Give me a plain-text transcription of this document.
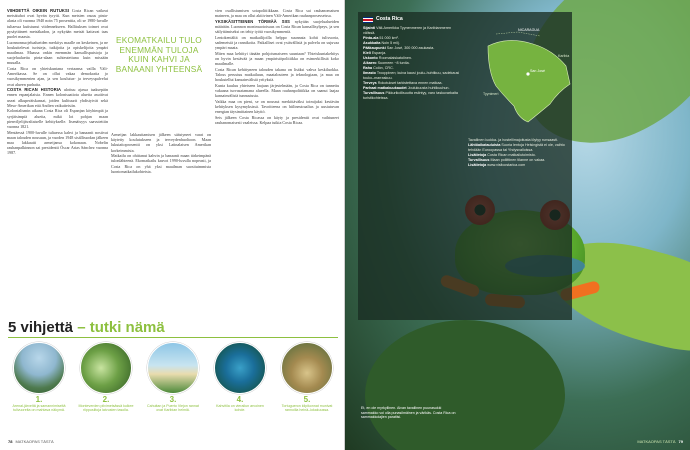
VIIHDETTÄ OIKEIN RUTUKSI Costa Rican vaikeat metsätuhot ovat hyvän tyrytti. Kun metsien osuus pinta-alasta oli vuonna 1940 noin 75 prosenttia, oli se 1980-luvulle tultaessa kutistunut viidennekseen. Hallituksen toimet ovat pysäyttäneet metsäkadon, ja nykyään metsät kattavat taas puolet maasta.

Luonnonsuojelualueiden merkitys maalle on keskeinen, ja ne houkuttelevat turisteja, tutkijoita ja opiskelijoita ympäri maailmaa. Maassa onkin enemmän kansallispuistoja ja suojelualueita pinta-alaan suhteutettuna kuin missään muualla.

Costa Rica on yhteiskuntana vertaansa vailla Väli-Amerikassa. Se on ollut vakaa demokratia jo vuosikymmenten ajan, ja sen koulutus- ja terveyspalvelut ovat alueen parhaita.

COSTA RICAN HISTORIA ulottuu ajassa taaksepäin ennen espanjalaisia. Ennen kolonisaatiota aluetta asuttivat useat alkuperäiskansat, joiden kulttuurit yhdistyivät sekä Meso-Amerikan että Andien vaikutteisiin.

Kolonialismin aikana Costa Rica oli Espanjan köyhimpiä ja syrjäisimpiä alueita, mikä loi pohjan maan pienviljelijävaltaiselle kehitykselle. Itsenäisyys saavutettiin vuonna 1821.

Mentäessä 1900-luvulle tultaessa kahvi ja banaanit nostivat maan talouden nousuun, ja vuoden 1948 sisällissodan jälkeen maa lakkautti armeijansa kokonaan. Nobelin rauhanpalkinnon sai presidentti Óscar Arias Sánchez vuonna 1987.

EKOMATKAILU TULO ENEMMÄN TULOJA KUIN KAHVI JA BANAANI YHTEENSÄ

Armeijan lakkauttamisen jälkeen säästyneet varat on käytetty koulutukseen ja terveydenhuoltoon. Maan lukutaitoprosentti on yksi Latinalaisen Amerikan korkeimmista.

Matkailu on ohittanut kahvin ja banaanit maan tärkeimpänä tulonlähteenä. Ekomatkailu kasvoi 1990-luvulla nopeasti, ja Costa Rica on yhä yksi maailman suosituimmista luontomatkailukohteista.

vien osallistumisen sotapolitiikkaan. Costa Rica sai rauhanomaisen maineen, ja maa on ollut aktiivinen Väli-Amerikan rauhanprosesseissa.

YKSIKÄSITTEINEN TÖRMÄÄ SIIS nykyään suojelualueiden määrään. Luonnon monimuotoisuus on Costa Rican kansallisylpeys, ja sen säilyttämiseksi on tehty työtä vuosikymmeniä.

Lentokentältä on matkailijoilla helppo suunnata kohti tulivuoria, sademetsiä ja rannikoita. Paikalliset ovat ystävällisiä ja palvelu on sujuvaa ympäri maata.

Miten maa kehittyi tänään pohjoismaiseen suuntaan? Yhteiskuntakehitys on hyvin kestävää ja maan ympäristöpolitiikka on esimerkillistä koko maailmalle.

Costa Rican kehittyneen talouden takana on lisäksi vahva keskiluokka. Talous perustuu matkailuun, maatalouteen ja teknologiaan, ja maa on houkutellut kansainvälisiä yrityksiä.

Kunta kuuluu yhteiseen laajaan järjestelmään, ja Costa Rica on tunnettu vakaana turvasatamana alueella. Maan rauhanpolitiikka on saanut laajaa kansainvälistä tunnustusta.

Vaikka maa on pieni, se on noussut merkittäväksi toimijaksi kestävän kehityksen kysymyksissä. Tavoitteena on hiilineutraalius ja uusiutuvan energian täysimittainen käyttö.

Seis jälkeen Costa Ricassa on käyty ja presidentit ovat vaihtuneet rauhanomaisesti vaaleissa. Kelpaa tutkia Costa Ricaa.

5 vihjettä – tutki nämä
1.
Arenal-järveltä ja samannimiseltä tulivuorelta on mahtava näkymä.
2.
Monteverden pilvimetsässä kulkee riippusiltoja latvusten tasolla.
3.
Cahuitan ja Puerto Viejon rannat ovat Karibian helmiä.
4.
Kahvitila on vierailun arvoinen kohde.
5.
Tortugueron kilpikonnat munivat rannoilla heinä–lokakuussa.
78 MATKAOPAS TÄSTÄ
Costa Rica

Sijainti Väli-Amerikka Tyynenmeren ja Karibianmeren välissä.

Pinta-ala 51 000 km².

Asukkaita Noin 5 milj.

Pääkaupunki San José, 300 000 asukasta.

Kieli Espanja.

Uskonto Roomalaiskatolinen.

Aikaero Suomeen −8 tuntia.

Raha Colón, CRC.

Ilmasto Trooppinen; kuiva kausi joulu–huhtikuu, sadekausi touko–marraskuu.

Terveys Rokotukset tarkistettava ennen matkaa.

Parhaat matkakuukaudet Joulukuusta huhtikuuhun.

Turvallisuus Pikkurikollisuutta esiintyy, varo taskuvarkaita turistikohteissa.

NICARAGUA
San José
Tyynimeri
Karibia

Tavallinen luokka- ja hostellimajoitusta löytyy runsaasti.

Lähtöaikatauluista Suoria lentoja Helsingistä ei ole, vaihto tehdään Euroopassa tai Yhdysvalloissa.

Lisätietoja Costa Rican matkailutoimisto.

Turvallisuus Maan poliittinen tilanne on vakaa.

Lisätietoja www.visitcostarica.com

Et, en ole myrkyllinen. Aivan tavallinen puunasukki sammakko voi olla punasilmäinen ja värikäs. Costa Rica on sammakkolajien paratiisi.
MATKAOPAS TÄSTÄ 79
